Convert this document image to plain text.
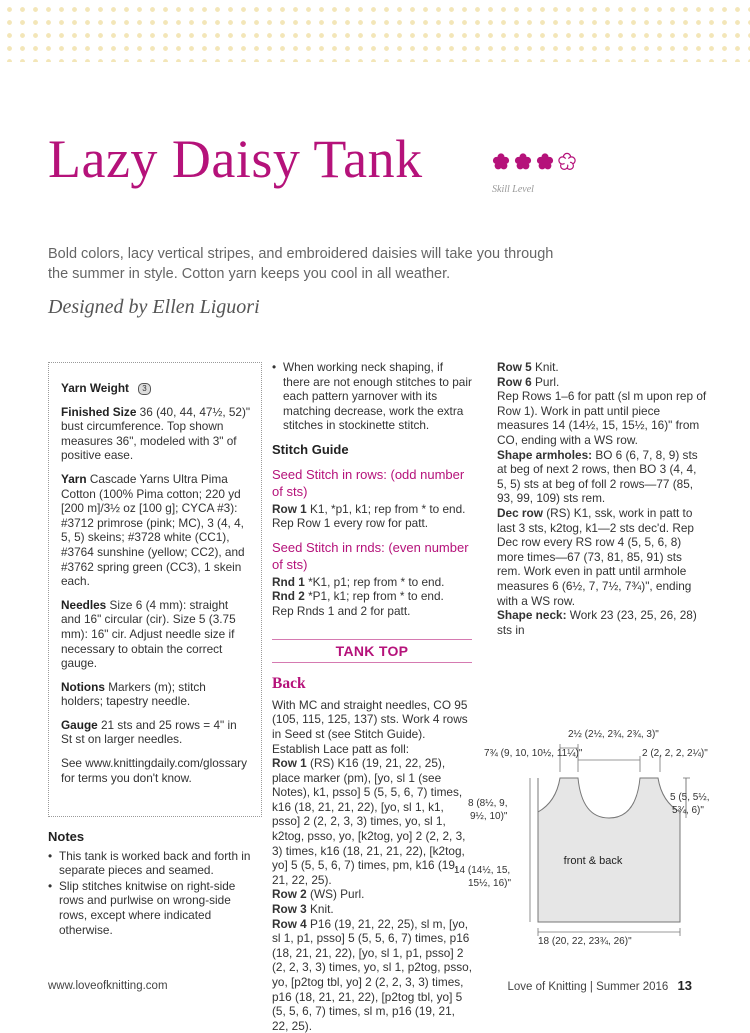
Lazy Daisy Tank
Skill Level

Bold colors, lacy vertical stripes, and embroidered daisies will take you through the summer in style. Cotton yarn keeps you cool in all weather.

Designed by Ellen Liguori

Yarn Weight 3

Finished Size 36 (40, 44, 47½, 52)" bust circumference. Top shown measures 36", modeled with 3" of positive ease.

Yarn Cascade Yarns Ultra Pima Cotton (100% Pima cotton; 220 yd [200 m]/3½ oz [100 g]; CYCA #3): #3712 primrose (pink; MC), 3 (4, 4, 5, 5) skeins; #3728 white (CC1), #3764 sunshine (yellow; CC2), and #3762 spring green (CC3), 1 skein each.

Needles Size 6 (4 mm): straight and 16" circular (cir). Size 5 (3.75 mm): 16" cir. Adjust needle size if necessary to obtain the correct gauge.

Notions Markers (m); stitch holders; tapestry needle.

Gauge 21 sts and 25 rows = 4" in St st on larger needles.

See www.knittingdaily.com/glossary for terms you don't know.

Notes
• This tank is worked back and forth in separate pieces and seamed.
• Slip stitches knitwise on right-side rows and purlwise on wrong-side rows, except where indicated otherwise.
• When working neck shaping, if there are not enough stitches to pair each pattern yarnover with its matching decrease, work the extra stitches in stockinette stitch.
Stitch Guide
Seed Stitch in rows: (odd number of sts)

Row 1 K1, *p1, k1; rep from * to end.

Rep Row 1 every row for patt.

Seed Stitch in rnds: (even number of sts)

Rnd 1 *K1, p1; rep from * to end.

Rnd 2 *P1, k1; rep from * to end.

Rep Rnds 1 and 2 for patt.

TANK TOP
Back

With MC and straight needles, CO 95 (105, 115, 125, 137) sts. Work 4 rows in Seed st (see Stitch Guide). Establish Lace patt as foll:

Row 1 (RS) K16 (19, 21, 22, 25), place marker (pm), [yo, sl 1 (see Notes), k1, psso] 5 (5, 5, 6, 7) times, k16 (18, 21, 21, 22), [yo, sl 1, k1, psso] 2 (2, 2, 3, 3) times, yo, sl 1, k2tog, psso, yo, [k2tog, yo] 2 (2, 2, 3, 3) times, k16 (18, 21, 21, 22), [k2tog, yo] 5 (5, 5, 6, 7) times, pm, k16 (19, 21, 22, 25).

Row 2 (WS) Purl.

Row 3 Knit.

Row 4 P16 (19, 21, 22, 25), sl m, [yo, sl 1, p1, psso] 5 (5, 5, 6, 7) times, p16 (18, 21, 21, 22), [yo, sl 1, p1, psso] 2 (2, 2, 3, 3) times, yo, sl 1, p2tog, psso, yo, [p2tog tbl, yo] 2 (2, 2, 3, 3) times, p16 (18, 21, 21, 22), [p2tog tbl, yo] 5 (5, 5, 6, 7) times, sl m, p16 (19, 21, 22, 25).

Row 5 Knit.

Row 6 Purl.

Rep Rows 1–6 for patt (sl m upon rep of Row 1). Work in patt until piece measures 14 (14½, 15, 15½, 16)" from CO, ending with a WS row.

Shape armholes: BO 6 (6, 7, 8, 9) sts at beg of next 2 rows, then BO 3 (4, 4, 5, 5) sts at beg of foll 2 rows—77 (85, 93, 99, 109) sts rem.

Dec row (RS) K1, ssk, work in patt to last 3 sts, k2tog, k1—2 sts dec'd. Rep Dec row every RS row 4 (5, 5, 6, 8) more times—67 (73, 81, 85, 91) sts rem. Work even in patt until armhole measures 6 (6½, 7, 7½, 7¾)", ending with a WS row.

Shape neck: Work 23 (23, 25, 26, 28) sts in

front & back
2½ (2½, 2¾, 2¾, 3)"
7¾ (9, 10, 10½, 11¼)"	2 (2, 2, 2, 2¼)"
5 (5, 5½,
5¾, 6)"
8 (8½, 9,
9½, 10)"
14 (14½, 15,
15½, 16)"
18 (20, 22, 23¾, 26)"
www.loveofknitting.com	Love of Knitting | Summer 2016 13
